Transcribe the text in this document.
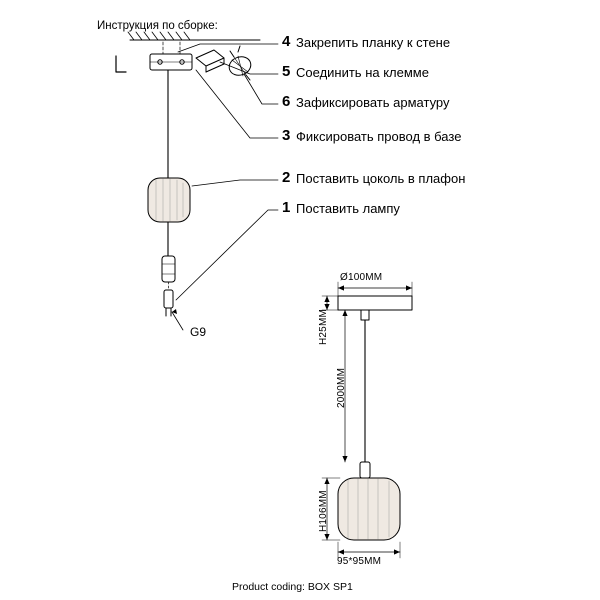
Инструкция по сборке:
4 Закрепить планку к стене
5 Соединить на клемме
6 Зафиксировать арматуру
3 Фиксировать провод в базе
2 Поставить цоколь в плафон
1 Поставить лампу
G9
Ø100MM
H25MM
2000MM
H106MM
95*95MM
Product coding: BOX SP1
